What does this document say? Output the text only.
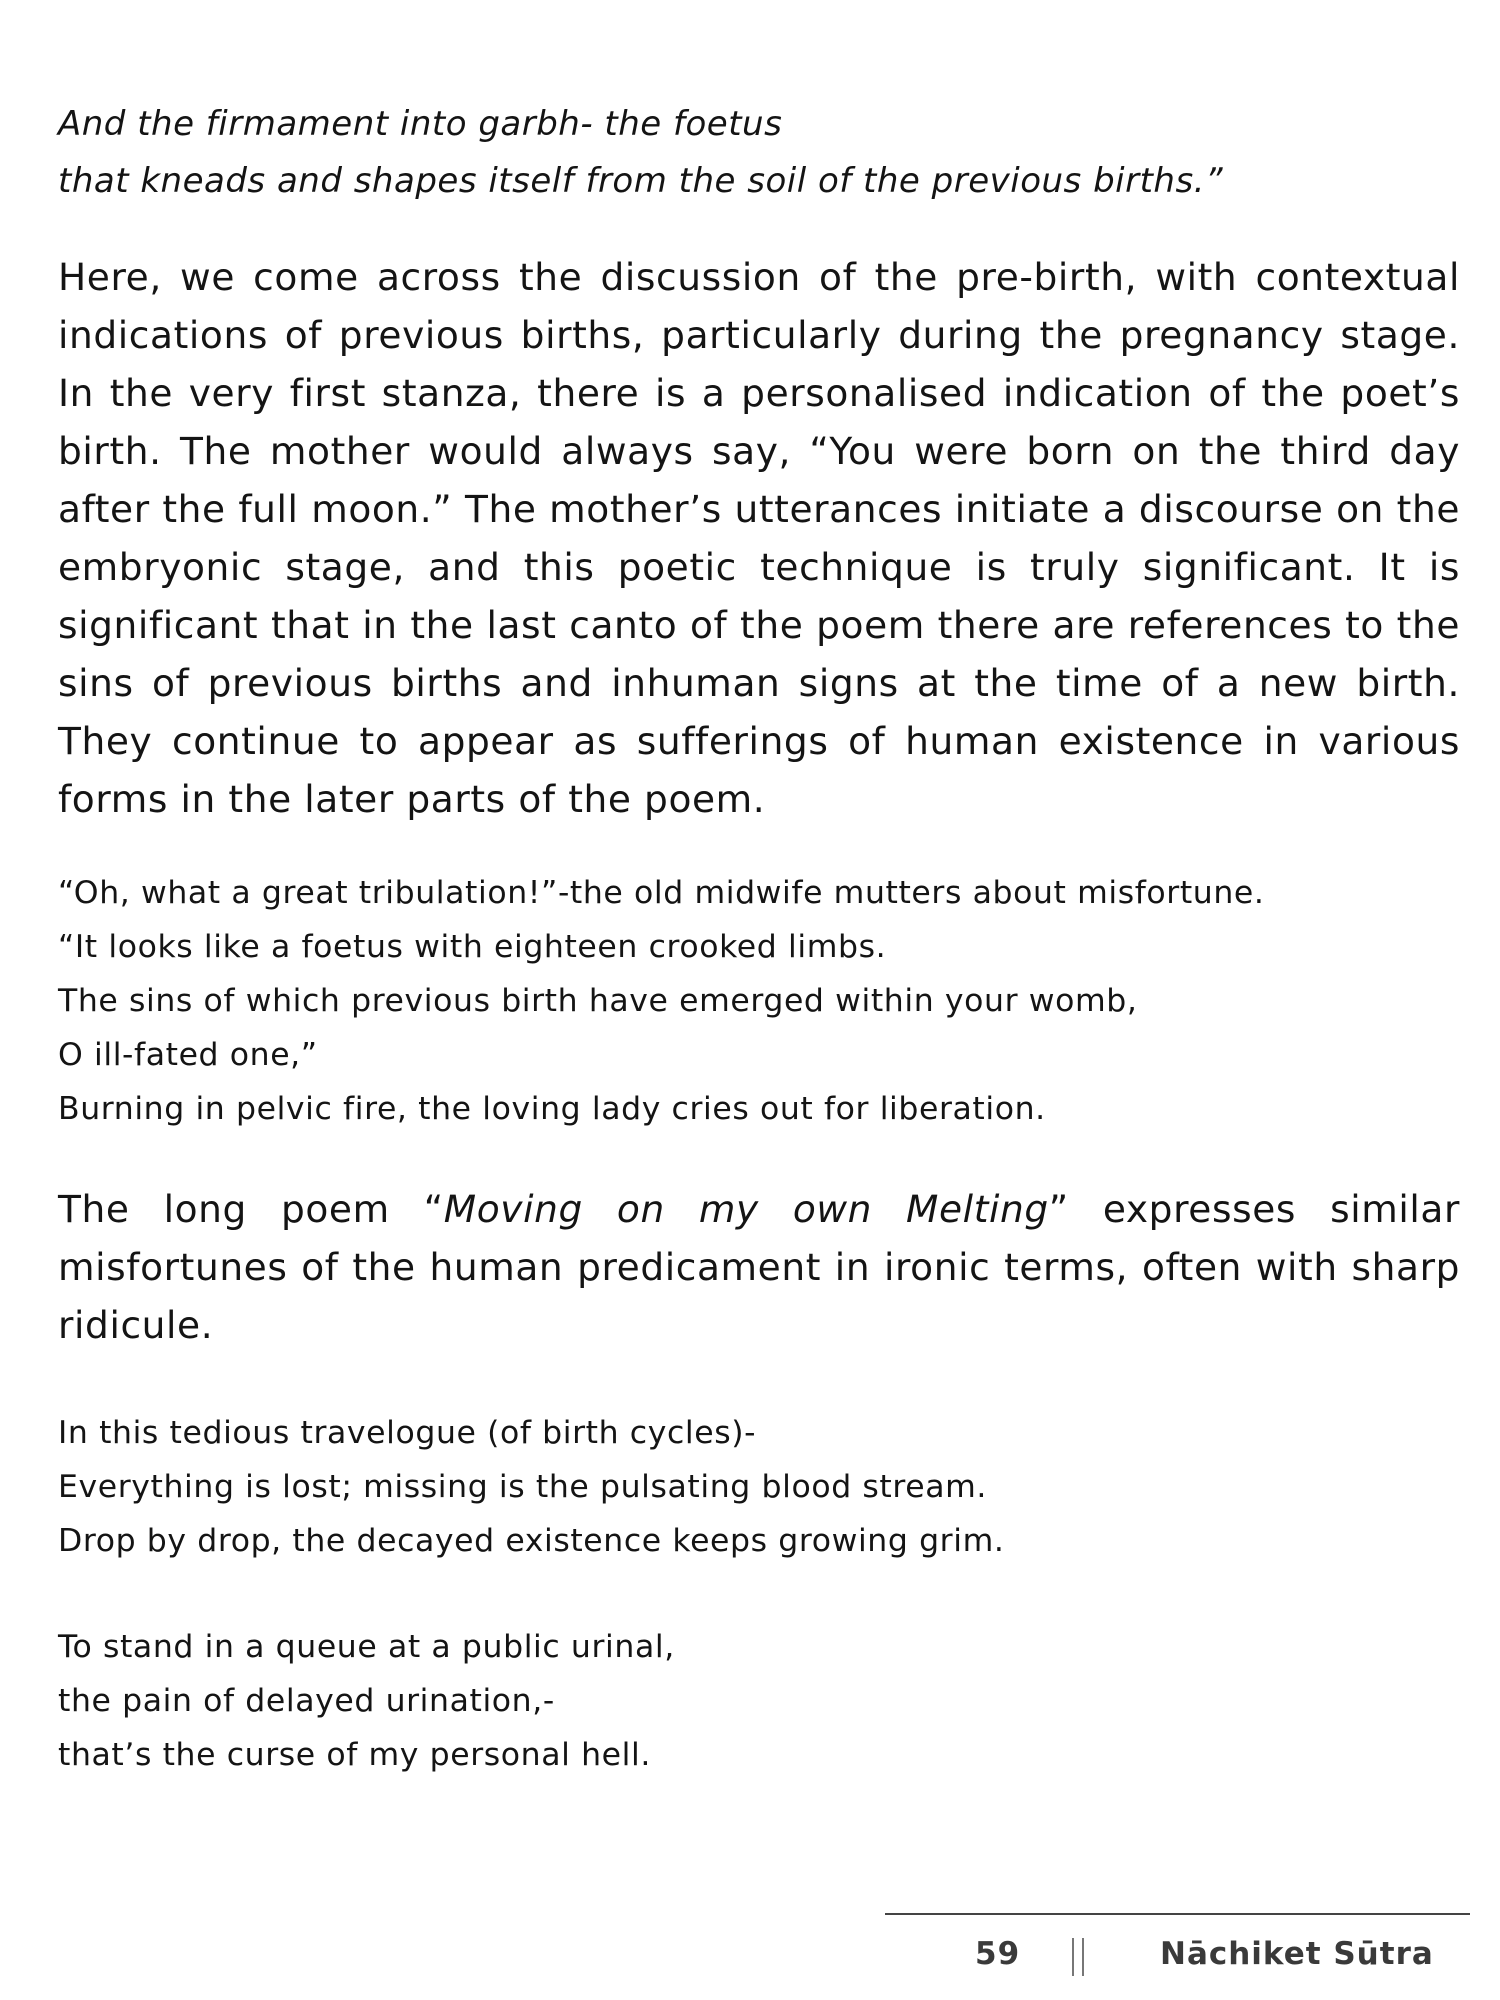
And the firmament into garbh- the foetus
that kneads and shapes itself from the soil of the previous births.”

Here, we come across the discussion of the pre-birth, with contextual indications of previous births, particularly during the pregnancy stage. In the very first stanza, there is a personalised indication of the poet’s birth. The mother would always say, “You were born on the third day after the full moon.” The mother’s utterances initiate a discourse on the embryonic stage, and this poetic technique is truly significant. It is significant that in the last canto of the poem there are references to the sins of previous births and inhuman signs at the time of a new birth. They continue to appear as sufferings of human existence in various forms in the later parts of the poem.

“Oh, what a great tribulation!”-the old midwife mutters about misfortune.
“It looks like a foetus with eighteen crooked limbs.
The sins of which previous birth have emerged within your womb,
O ill-fated one,”
Burning in pelvic fire, the loving lady cries out for liberation.

The long poem “Moving on my own Melting” expresses similar misfortunes of the human predicament in ironic terms, often with sharp ridicule.

In this tedious travelogue (of birth cycles)-
Everything is lost; missing is the pulsating blood stream.
Drop by drop, the decayed existence keeps growing grim.

To stand in a queue at a public urinal,
the pain of delayed urination,-
that’s the curse of my personal hell.

59	Nāchiket Sūtra
